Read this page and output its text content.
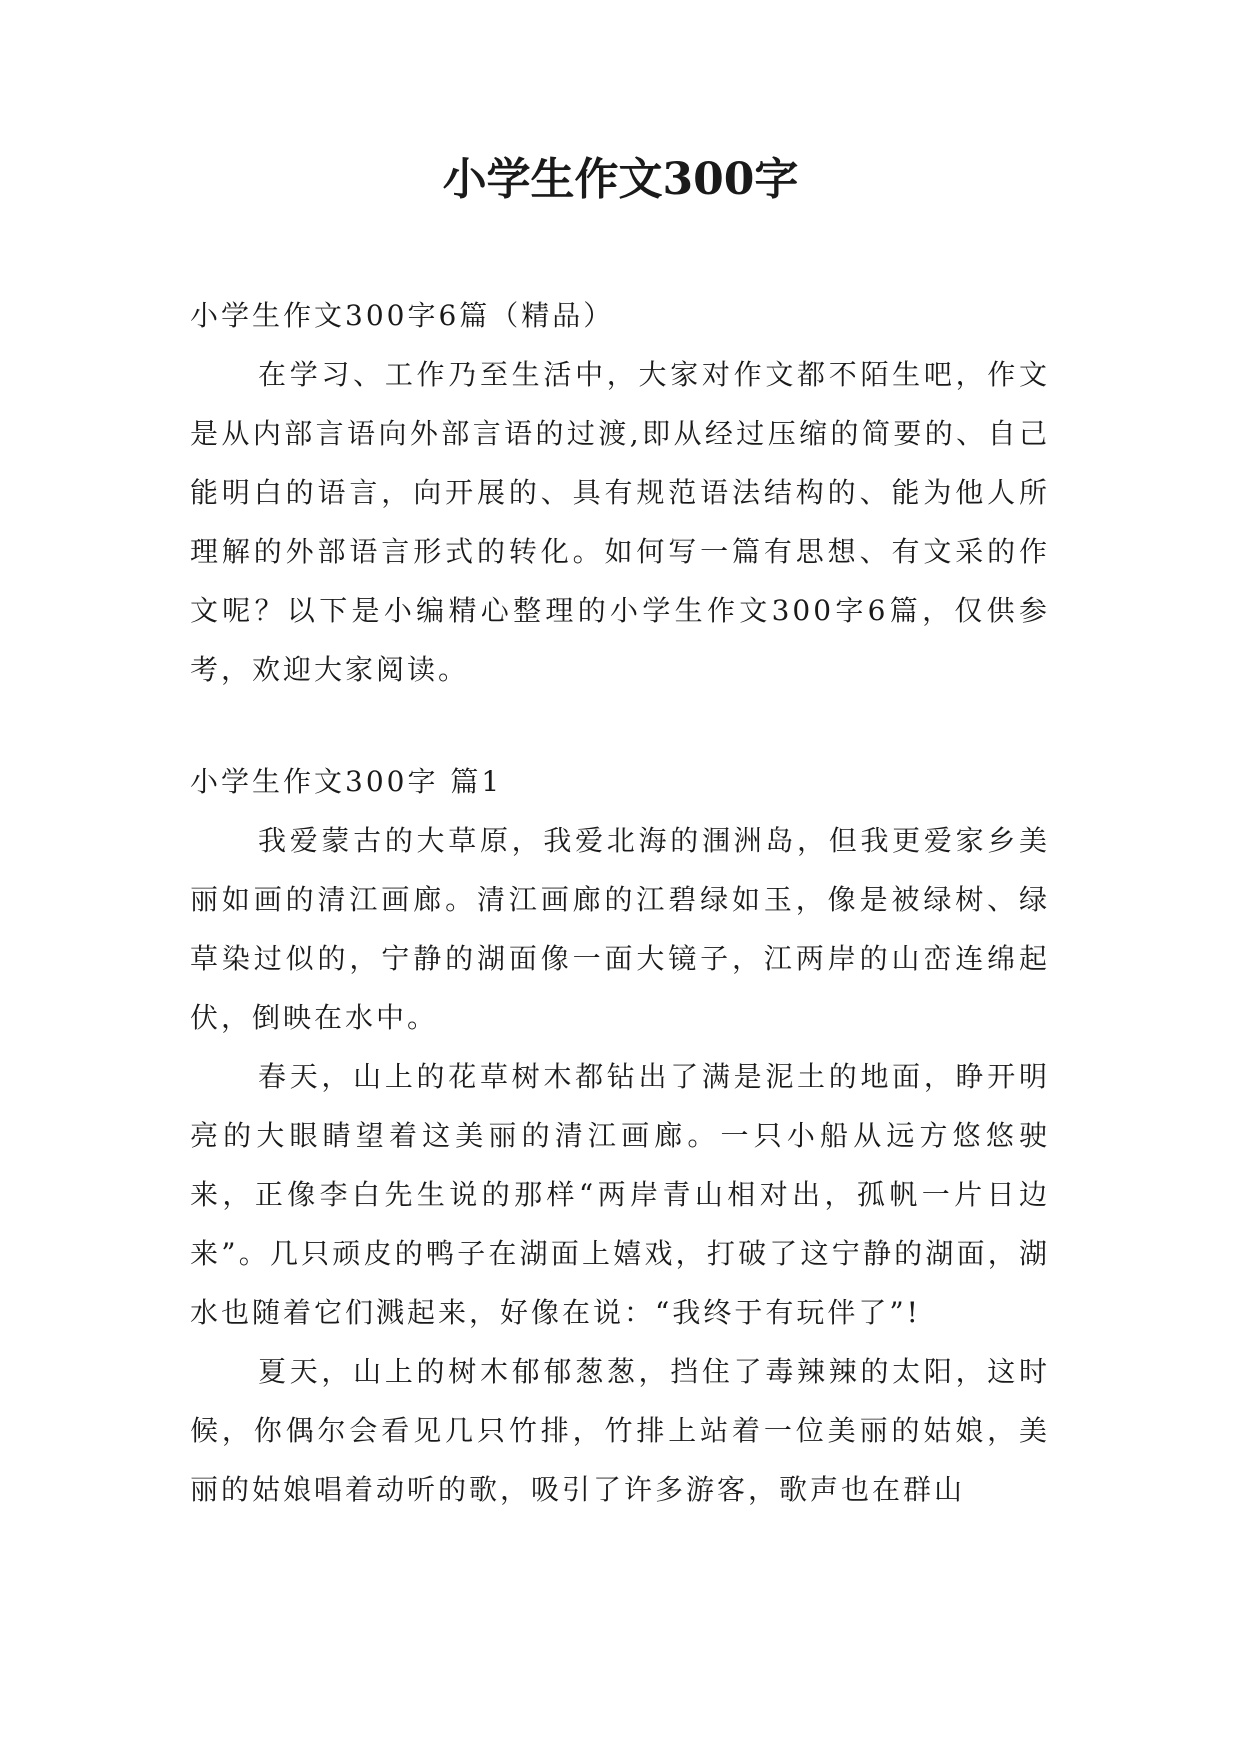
小学生作文300字

小学生作文300字6篇（精品）

在学习、工作乃至生活中，大家对作文都不陌生吧，作文是从内部言语向外部言语的过渡,即从经过压缩的简要的、自己能明白的语言，向开展的、具有规范语法结构的、能为他人所理解的外部语言形式的转化。如何写一篇有思想、有文采的作文呢？以下是小编精心整理的小学生作文300字6篇，仅供参考，欢迎大家阅读。

小学生作文300字 篇1

我爱蒙古的大草原，我爱北海的涠洲岛，但我更爱家乡美丽如画的清江画廊。清江画廊的江碧绿如玉，像是被绿树、绿草染过似的，宁静的湖面像一面大镜子，江两岸的山峦连绵起伏，倒映在水中。

春天，山上的花草树木都钻出了满是泥土的地面，睁开明亮的大眼睛望着这美丽的清江画廊。一只小船从远方悠悠驶来，正像李白先生说的那样“两岸青山相对出，孤帆一片日边来”。几只顽皮的鸭子在湖面上嬉戏，打破了这宁静的湖面，湖水也随着它们溅起来，好像在说：“我终于有玩伴了”!

夏天，山上的树木郁郁葱葱，挡住了毒辣辣的太阳，这时候，你偶尔会看见几只竹排，竹排上站着一位美丽的姑娘，美丽的姑娘唱着动听的歌，吸引了许多游客，歌声也在群山
